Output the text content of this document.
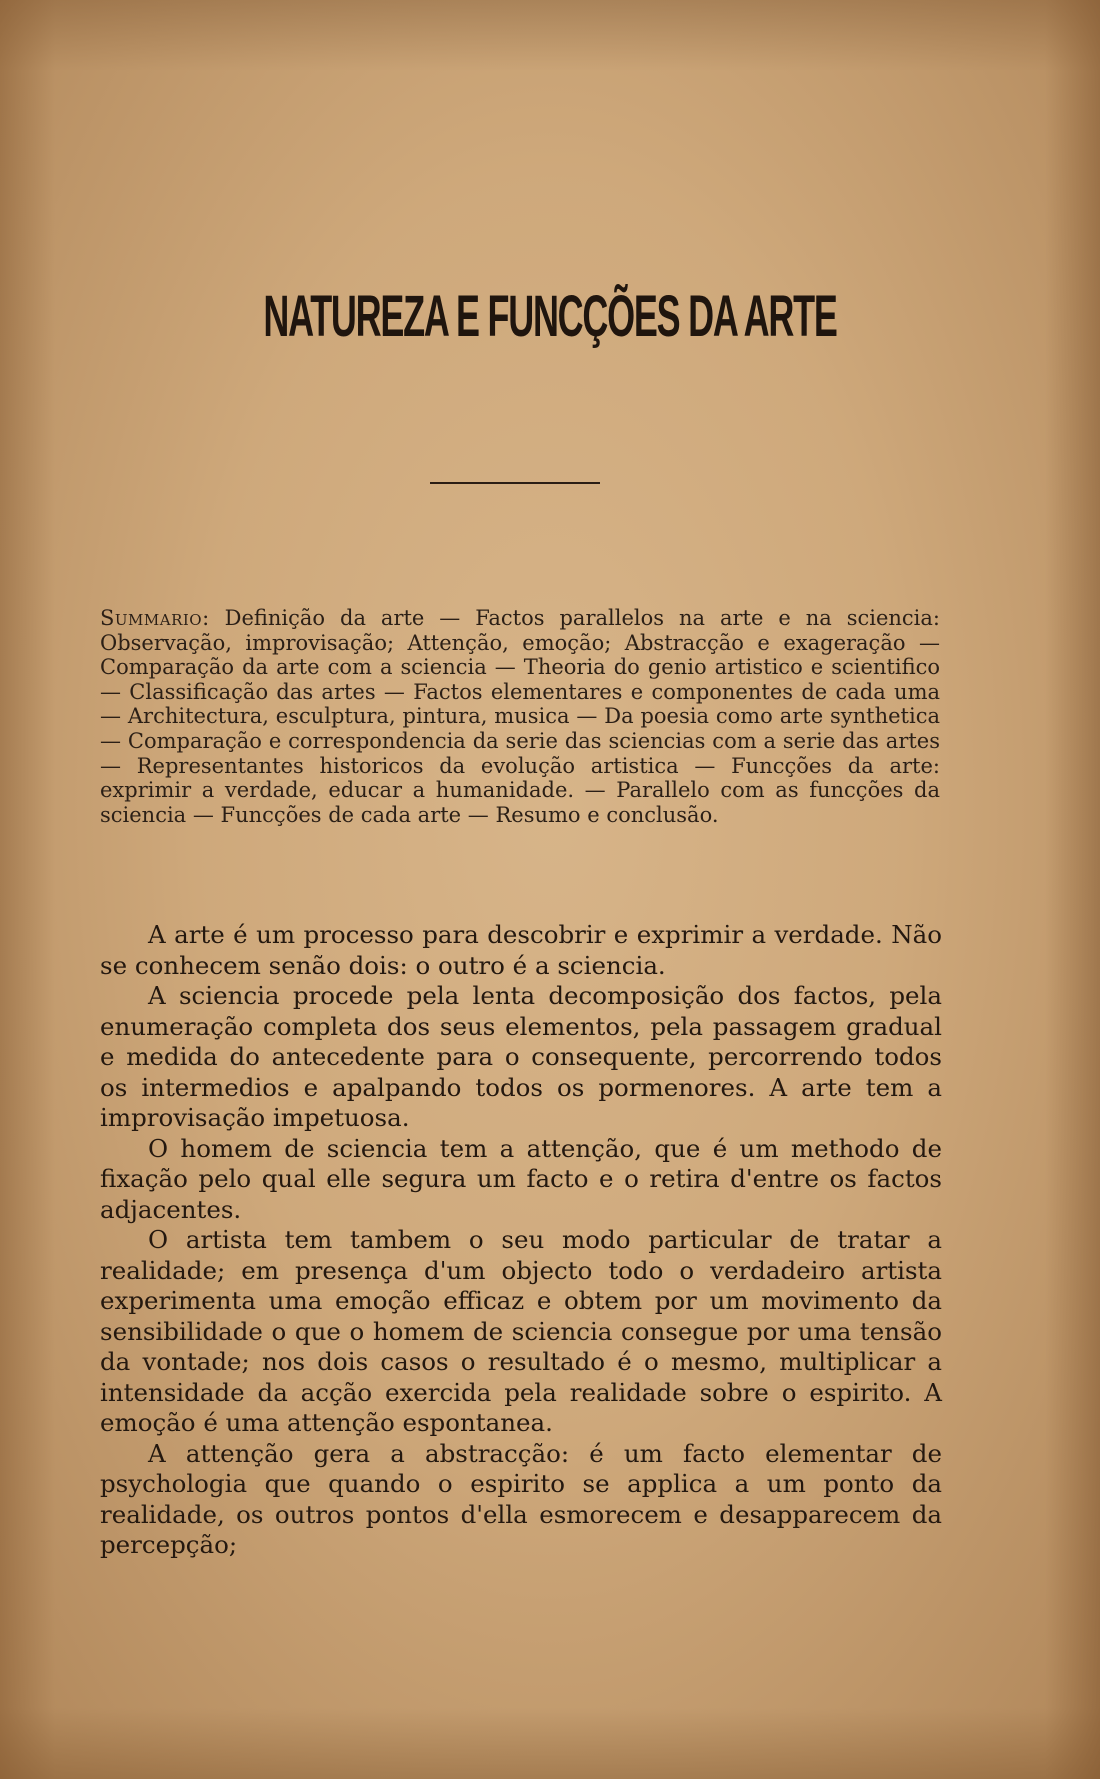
NATUREZA E FUNCÇÕES DA ARTE
Summario: Definição da arte — Factos parallelos na arte e na sciencia: Observação, improvisação; Attenção, emoção; Abstracção e exageração — Comparação da arte com a sciencia — Theoria do genio artistico e scientifico — Classificação das artes — Factos elementares e componentes de cada uma — Architectura, esculptura, pintura, musica — Da poesia como arte synthetica — Comparação e correspondencia da serie das sciencias com a serie das artes — Representantes historicos da evolução artistica — Funcções da arte: exprimir a verdade, educar a humanidade. — Parallelo com as funcções da sciencia — Funcções de cada arte — Resumo e conclusão.

A arte é um processo para descobrir e exprimir a verdade. Não se conhecem senão dois: o outro é a sciencia.

A sciencia procede pela lenta decomposição dos factos, pela enumeração completa dos seus elementos, pela passagem gradual e medida do antecedente para o consequente, percorrendo todos os intermedios e apalpando todos os pormenores. A arte tem a improvisação impetuosa.

O homem de sciencia tem a attenção, que é um methodo de fixação pelo qual elle segura um facto e o retira d'entre os factos adjacentes.

O artista tem tambem o seu modo particular de tratar a realidade; em presença d'um objecto todo o verdadeiro artista experimenta uma emoção efficaz e obtem por um movimento da sensibilidade o que o homem de sciencia consegue por uma tensão da vontade; nos dois casos o resultado é o mesmo, multiplicar a intensidade da acção exercida pela realidade sobre o espirito. A emoção é uma attenção espontanea.

A attenção gera a abstracção: é um facto elementar de psychologia que quando o espirito se applica a um ponto da realidade, os outros pontos d'ella esmorecem e desapparecem da percepção;
